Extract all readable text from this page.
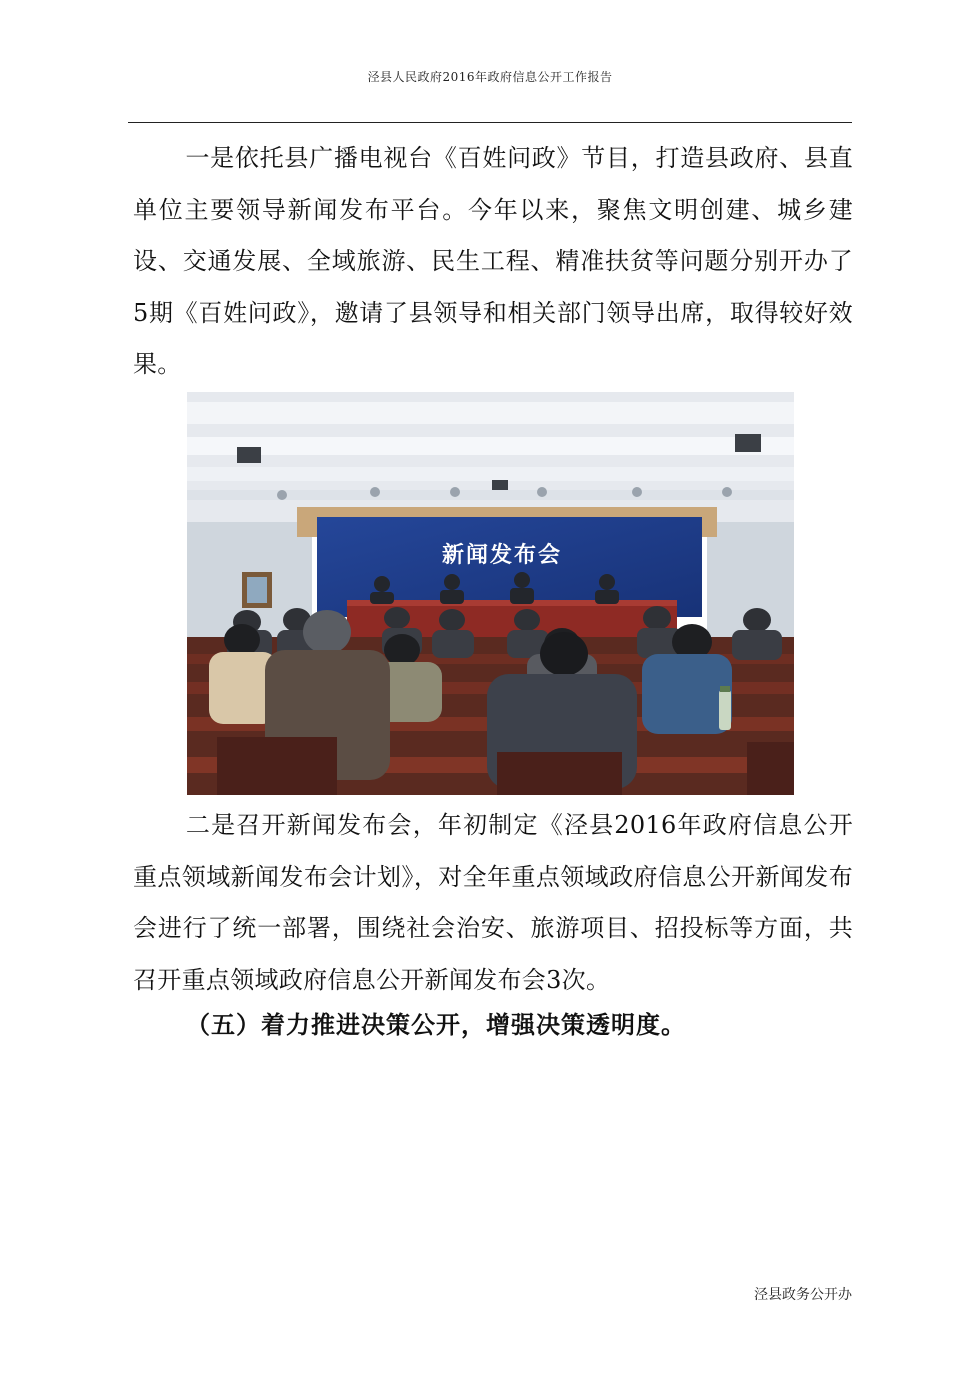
泾县人民政府2016年政府信息公开工作报告

一是依托县广播电视台《百姓问政》节目，打造县政府、县直单位主要领导新闻发布平台。今年以来，聚焦文明创建、城乡建设、交通发展、全域旅游、民生工程、精准扶贫等问题分别开办了5期《百姓问政》，邀请了县领导和相关部门领导出席，取得较好效果。

新闻发布会

二是召开新闻发布会，年初制定《泾县2016年政府信息公开重点领域新闻发布会计划》，对全年重点领域政府信息公开新闻发布会进行了统一部署，围绕社会治安、旅游项目、招投标等方面，共召开重点领域政府信息公开新闻发布会3次。

（五）着力推进决策公开，增强决策透明度。

泾县政务公开办
